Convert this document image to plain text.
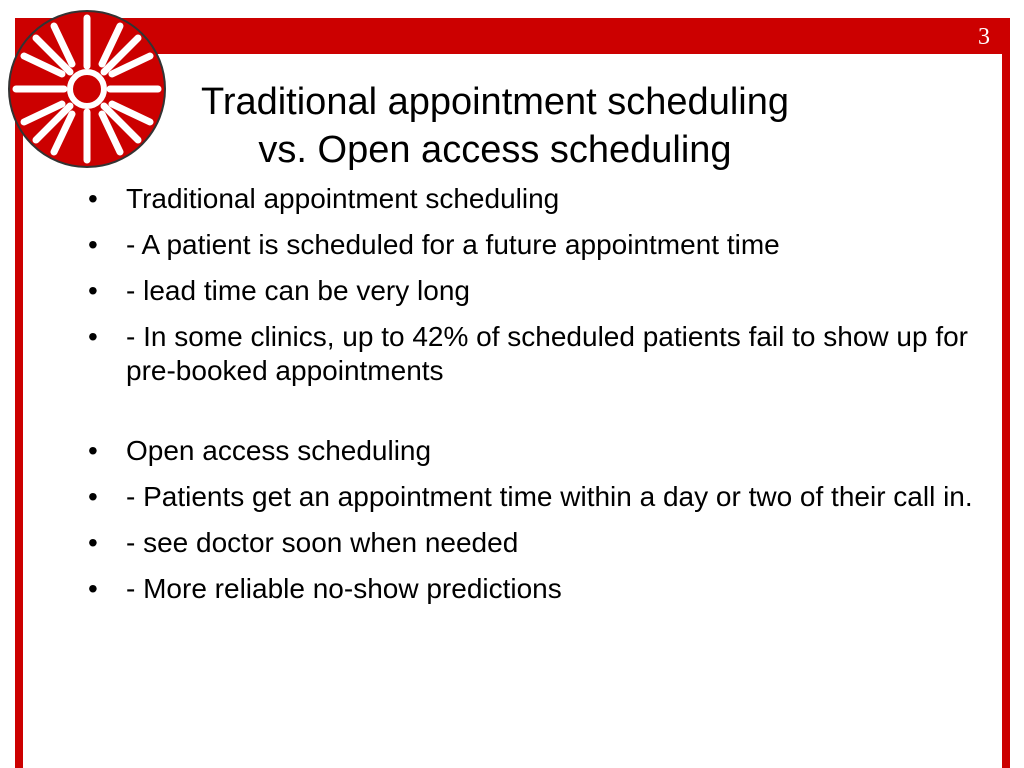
3
Traditional appointment scheduling
vs. Open access scheduling
• Traditional appointment scheduling
• - A patient is scheduled for a future appointment time
• - lead time can be very long
• - In some clinics, up to 42% of scheduled patients fail to show up for pre-booked appointments
• Open access scheduling
• - Patients get an appointment time within a day or two of their call in.
• - see doctor soon when needed
• - More reliable no-show predictions
